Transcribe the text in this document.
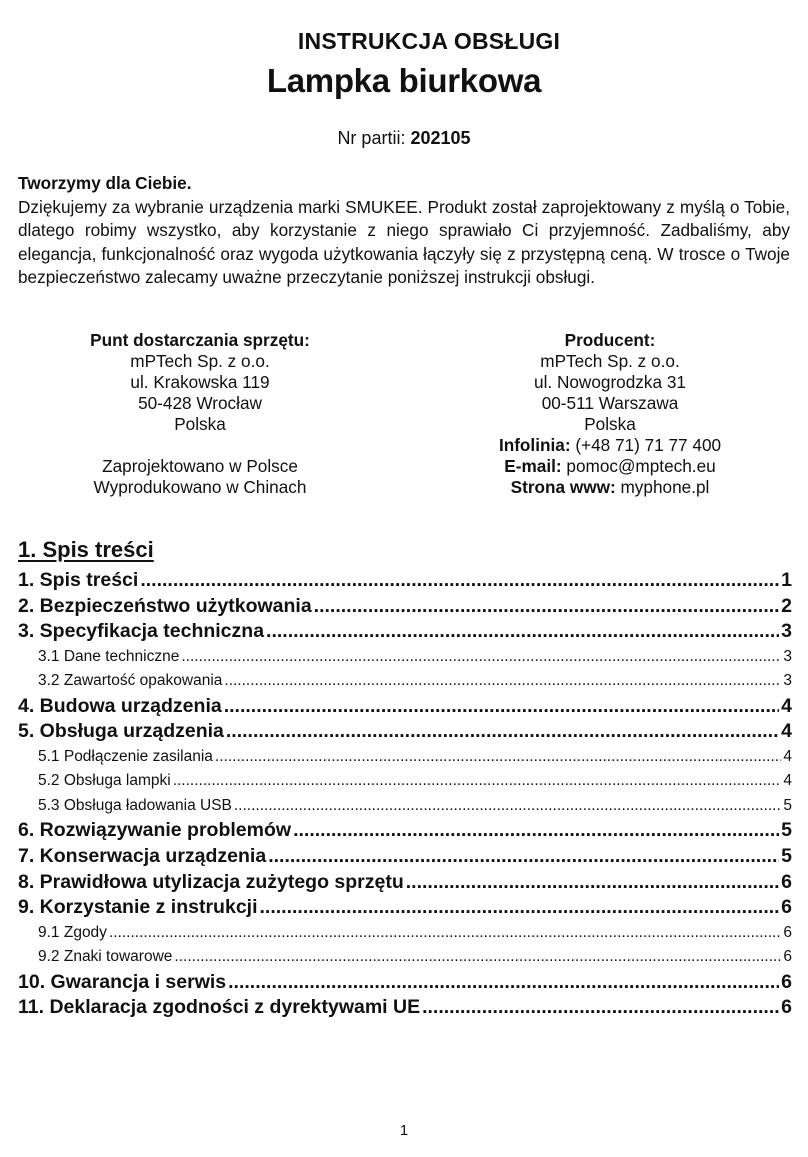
INSTRUKCJA OBSŁUGI
Lampka biurkowa
Nr partii: 202105

Tworzymy dla Ciebie.

Dziękujemy za wybranie urządzenia marki SMUKEE. Produkt został zaprojektowany z myślą o Tobie, dlatego robimy wszystko, aby korzystanie z niego sprawiało Ci przyjemność. Zadbaliśmy, aby elegancja, funkcjonalność oraz wygoda użytkowania łączyły się z przystępną ceną. W trosce o Twoje bezpieczeństwo zalecamy uważne przeczytanie poniższej instrukcji obsługi.

Punt dostarczania sprzętu:
mPTech Sp. z o.o.
ul. Krakowska 119
50-428 Wrocław
Polska
Zaprojektowano w Polsce
Wyprodukowano w Chinach
Producent:
mPTech Sp. z o.o.
ul. Nowogrodzka 31
00-511 Warszawa
Polska
Infolinia: (+48 71) 71 77 400
E-mail: pomoc@mptech.eu
Strona www: myphone.pl
1. Spis treści
1. Spis treści .....	1
2. Bezpieczeństwo użytkowania .....	2
3. Specyfikacja techniczna .....	3
3.1 Dane techniczne .....	3
3.2 Zawartość opakowania .....	3
4. Budowa urządzenia .....	4
5. Obsługa urządzenia .....	4
5.1 Podłączenie zasilania .....	4
5.2 Obsługa lampki .....	4
5.3 Obsługa ładowania USB .....	5
6. Rozwiązywanie problemów .....	5
7. Konserwacja urządzenia .....	5
8. Prawidłowa utylizacja zużytego sprzętu .....	6
9. Korzystanie z instrukcji .....	6
9.1 Zgody .....	6
9.2 Znaki towarowe .....	6
10. Gwarancja i serwis .....	6
11. Deklaracja zgodności z dyrektywami UE .....	6
1
